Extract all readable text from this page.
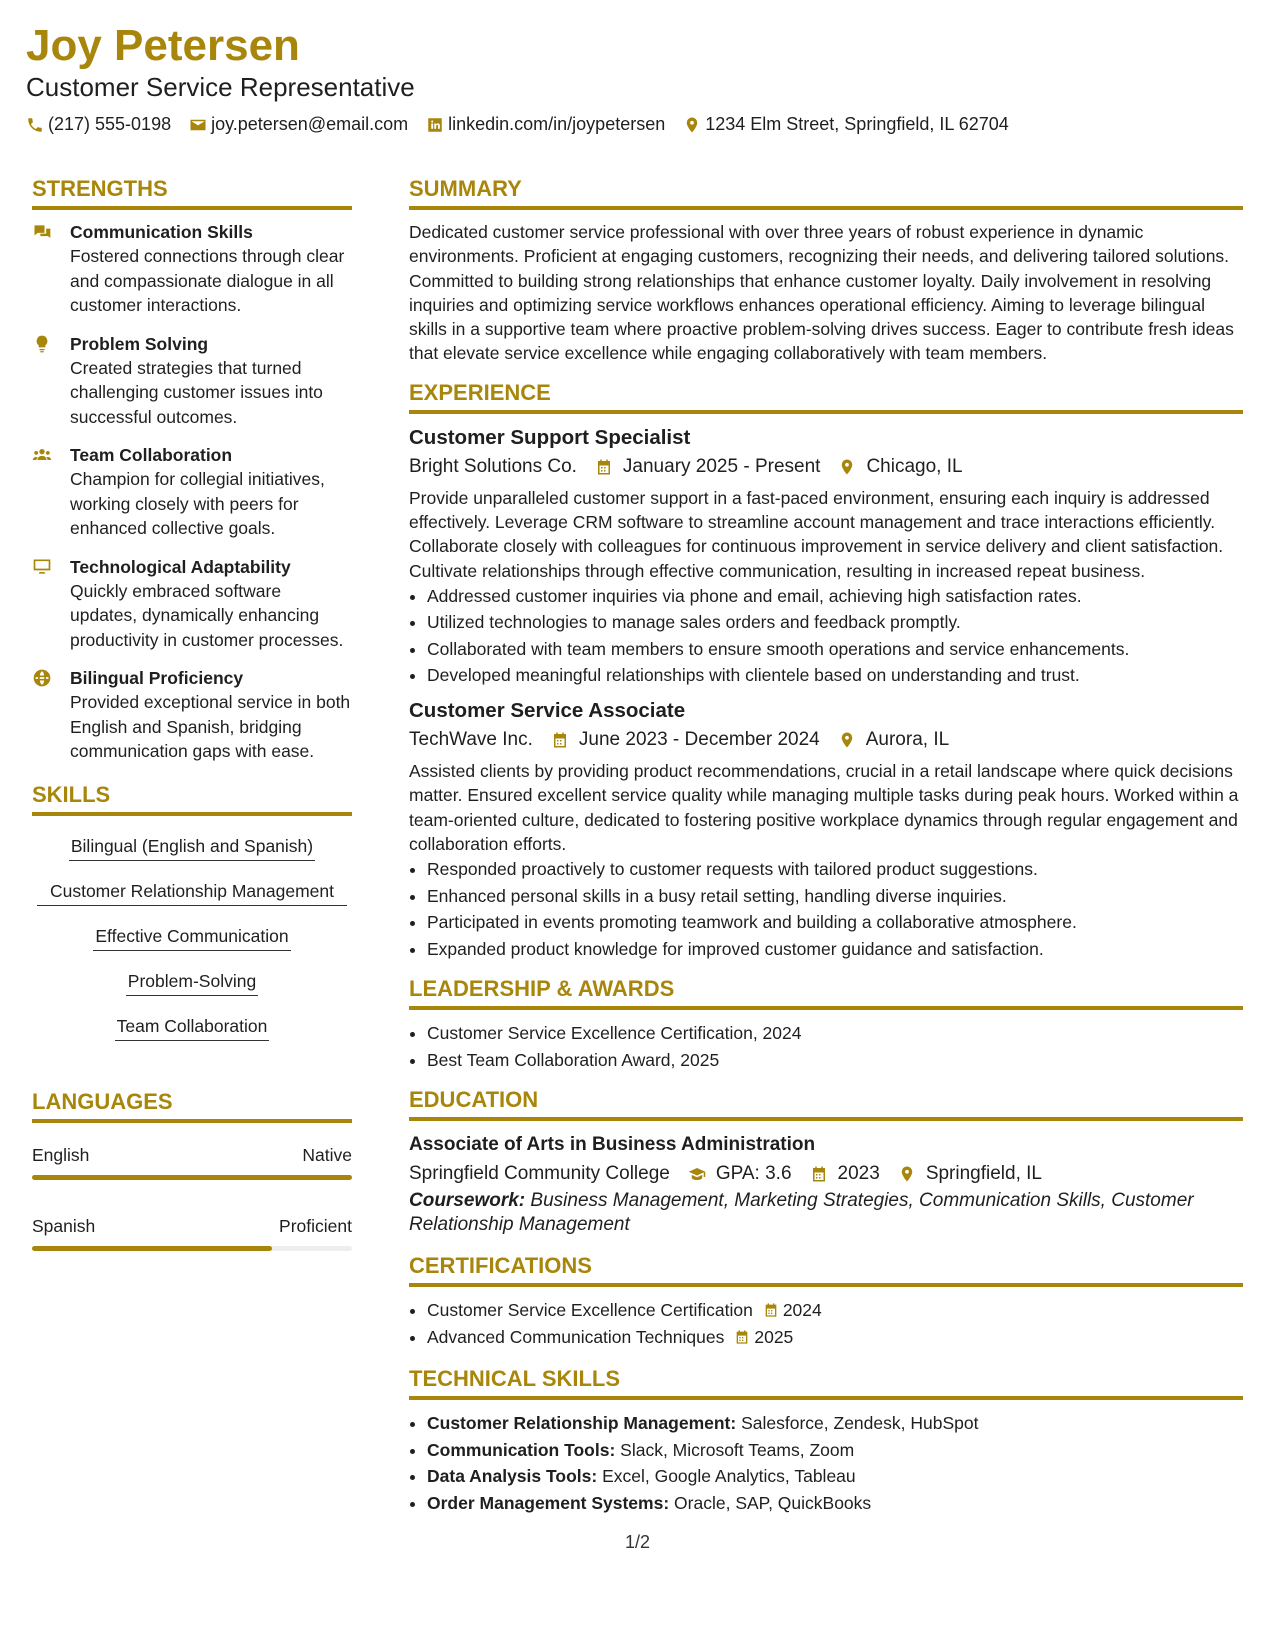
Joy Petersen
Customer Service Representative
(217) 555-0198 joy.petersen@email.com linkedin.com/in/joypetersen 1234 Elm Street, Springfield, IL 62704
STRENGTHS
Communication Skills
Fostered connections through clear and compassionate dialogue in all customer interactions.
Problem Solving
Created strategies that turned challenging customer issues into successful outcomes.
Team Collaboration
Champion for collegial initiatives, working closely with peers for enhanced collective goals.
Technological Adaptability
Quickly embraced software updates, dynamically enhancing productivity in customer processes.
Bilingual Proficiency
Provided exceptional service in both English and Spanish, bridging communication gaps with ease.
SKILLS
Bilingual (English and Spanish)
Customer Relationship Management
Effective Communication
Problem-Solving
Team Collaboration
LANGUAGES
English	Native
Spanish	Proficient
SUMMARY

Dedicated customer service professional with over three years of robust experience in dynamic environments. Proficient at engaging customers, recognizing their needs, and delivering tailored solutions. Committed to building strong relationships that enhance customer loyalty. Daily involvement in resolving inquiries and optimizing service workflows enhances operational efficiency. Aiming to leverage bilingual skills in a supportive team where proactive problem-solving drives success. Eager to contribute fresh ideas that elevate service excellence while engaging collaboratively with team members.

EXPERIENCE
Customer Support Specialist
Bright Solutions Co. January 2025 - Present Chicago, IL

Provide unparalleled customer support in a fast-paced environment, ensuring each inquiry is addressed effectively. Leverage CRM software to streamline account management and trace interactions efficiently. Collaborate closely with colleagues for continuous improvement in service delivery and client satisfaction. Cultivate relationships through effective communication, resulting in increased repeat business.

• Addressed customer inquiries via phone and email, achieving high satisfaction rates.
• Utilized technologies to manage sales orders and feedback promptly.
• Collaborated with team members to ensure smooth operations and service enhancements.
• Developed meaningful relationships with clientele based on understanding and trust.
Customer Service Associate
TechWave Inc. June 2023 - December 2024 Aurora, IL

Assisted clients by providing product recommendations, crucial in a retail landscape where quick decisions matter. Ensured excellent service quality while managing multiple tasks during peak hours. Worked within a team-oriented culture, dedicated to fostering positive workplace dynamics through regular engagement and collaboration efforts.

• Responded proactively to customer requests with tailored product suggestions.
• Enhanced personal skills in a busy retail setting, handling diverse inquiries.
• Participated in events promoting teamwork and building a collaborative atmosphere.
• Expanded product knowledge for improved customer guidance and satisfaction.
LEADERSHIP & AWARDS
• Customer Service Excellence Certification, 2024
• Best Team Collaboration Award, 2025
EDUCATION
Associate of Arts in Business Administration
Springfield Community College GPA: 3.6 2023 Springfield, IL

Coursework: Business Management, Marketing Strategies, Communication Skills, Customer Relationship Management

CERTIFICATIONS
• Customer Service Excellence Certification 2024
• Advanced Communication Techniques 2025
TECHNICAL SKILLS
• Customer Relationship Management: Salesforce, Zendesk, HubSpot
• Communication Tools: Slack, Microsoft Teams, Zoom
• Data Analysis Tools: Excel, Google Analytics, Tableau
• Order Management Systems: Oracle, SAP, QuickBooks
1/2
